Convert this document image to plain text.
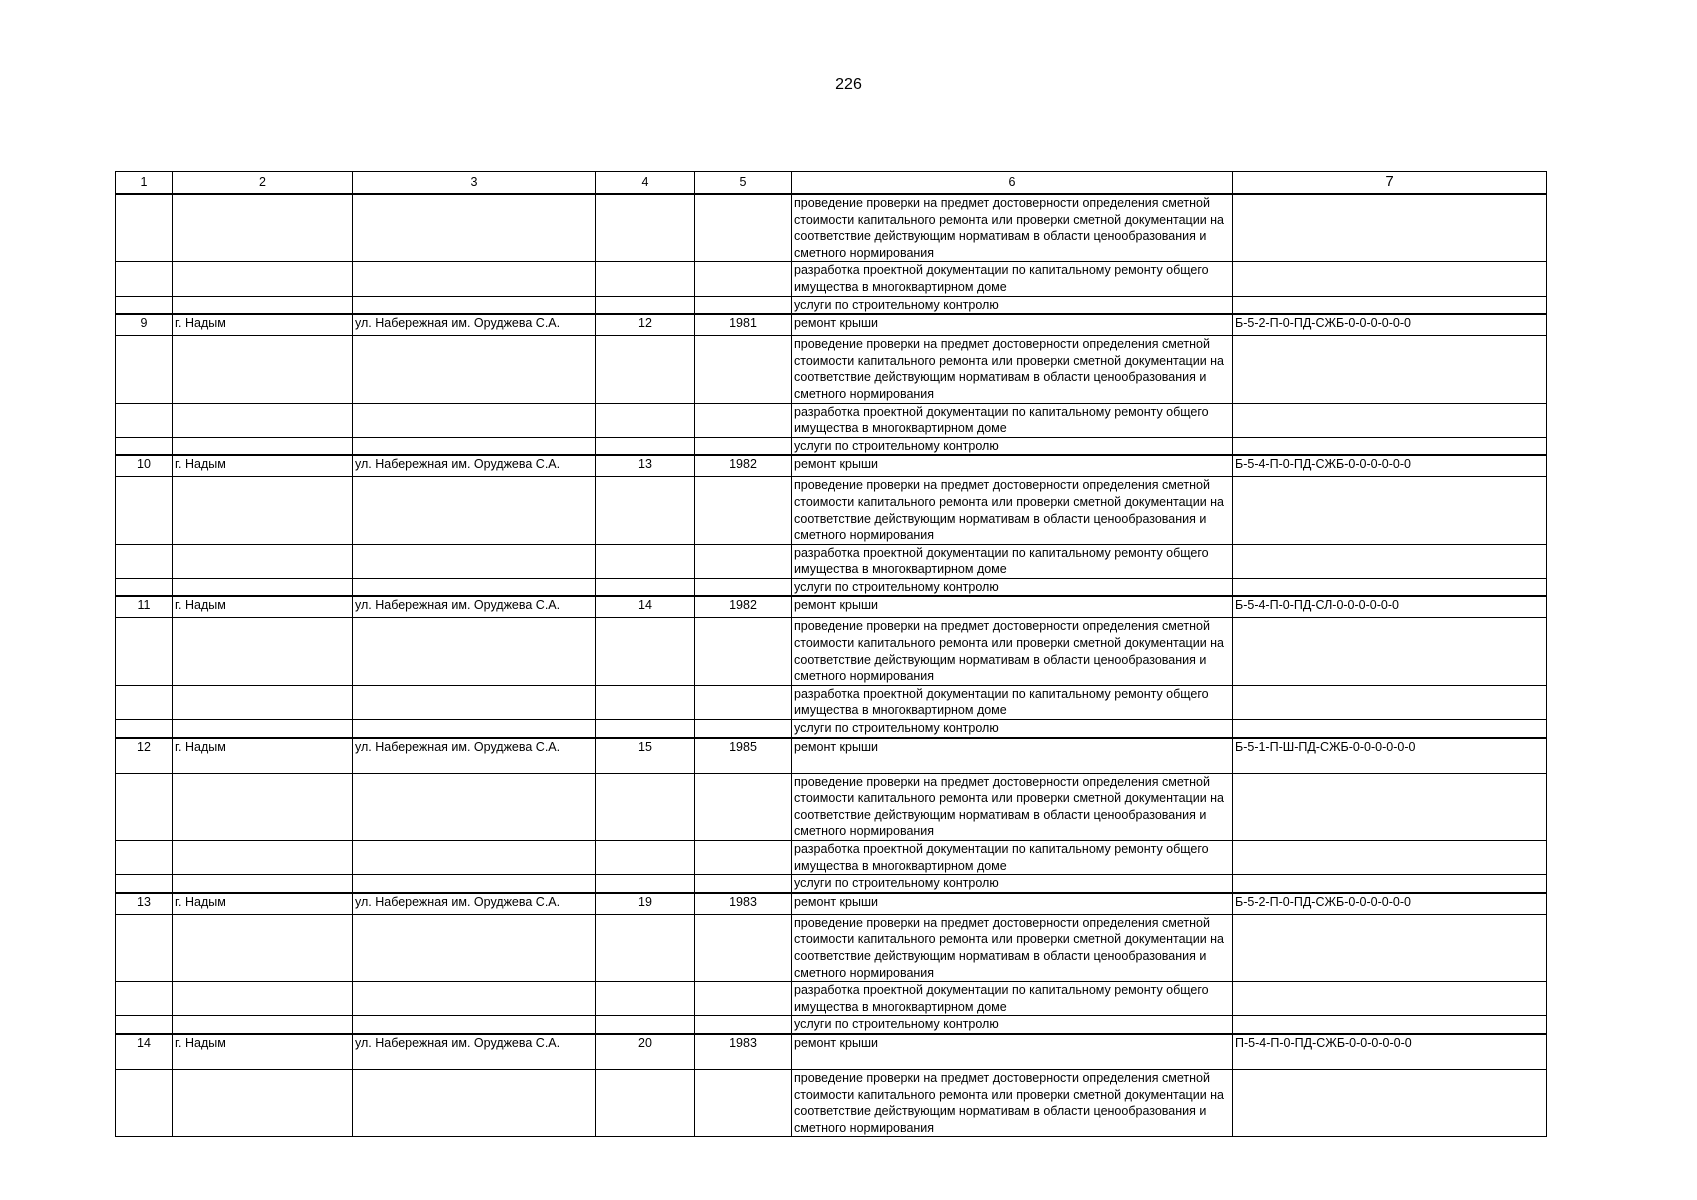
226
1	2	3	4	5	6	7
					проведение проверки на предмет достоверности определения сметной стоимости капитального ремонта или проверки сметной документации на соответствие действующим нормативам в области ценообразования и сметного нормирования	
					разработка проектной документации по капитальному ремонту общего имущества в многоквартирном доме	
					услуги по строительному контролю	
9	г. Надым	ул. Набережная им. Оруджева С.А.	12	1981	ремонт крыши	Б-5-2-П-0-ПД-СЖБ-0-0-0-0-0-0
					проведение проверки на предмет достоверности определения сметной стоимости капитального ремонта или проверки сметной документации на соответствие действующим нормативам в области ценообразования и сметного нормирования	
					разработка проектной документации по капитальному ремонту общего имущества в многоквартирном доме	
					услуги по строительному контролю	
10	г. Надым	ул. Набережная им. Оруджева С.А.	13	1982	ремонт крыши	Б-5-4-П-0-ПД-СЖБ-0-0-0-0-0-0
					проведение проверки на предмет достоверности определения сметной стоимости капитального ремонта или проверки сметной документации на соответствие действующим нормативам в области ценообразования и сметного нормирования	
					разработка проектной документации по капитальному ремонту общего имущества в многоквартирном доме	
					услуги по строительному контролю	
11	г. Надым	ул. Набережная им. Оруджева С.А.	14	1982	ремонт крыши	Б-5-4-П-0-ПД-СЛ-0-0-0-0-0-0
					проведение проверки на предмет достоверности определения сметной стоимости капитального ремонта или проверки сметной документации на соответствие действующим нормативам в области ценообразования и сметного нормирования	
					разработка проектной документации по капитальному ремонту общего имущества в многоквартирном доме	
					услуги по строительному контролю	
12	г. Надым	ул. Набережная им. Оруджева С.А.	15	1985	ремонт крыши	Б-5-1-П-Ш-ПД-СЖБ-0-0-0-0-0-0
					проведение проверки на предмет достоверности определения сметной стоимости капитального ремонта или проверки сметной документации на соответствие действующим нормативам в области ценообразования и сметного нормирования	
					разработка проектной документации по капитальному ремонту общего имущества в многоквартирном доме	
					услуги по строительному контролю	
13	г. Надым	ул. Набережная им. Оруджева С.А.	19	1983	ремонт крыши	Б-5-2-П-0-ПД-СЖБ-0-0-0-0-0-0
					проведение проверки на предмет достоверности определения сметной стоимости капитального ремонта или проверки сметной документации на соответствие действующим нормативам в области ценообразования и сметного нормирования	
					разработка проектной документации по капитальному ремонту общего имущества в многоквартирном доме	
					услуги по строительному контролю	
14	г. Надым	ул. Набережная им. Оруджева С.А.	20	1983	ремонт крыши	П-5-4-П-0-ПД-СЖБ-0-0-0-0-0-0
					проведение проверки на предмет достоверности определения сметной стоимости капитального ремонта или проверки сметной документации на соответствие действующим нормативам в области ценообразования и сметного нормирования	
